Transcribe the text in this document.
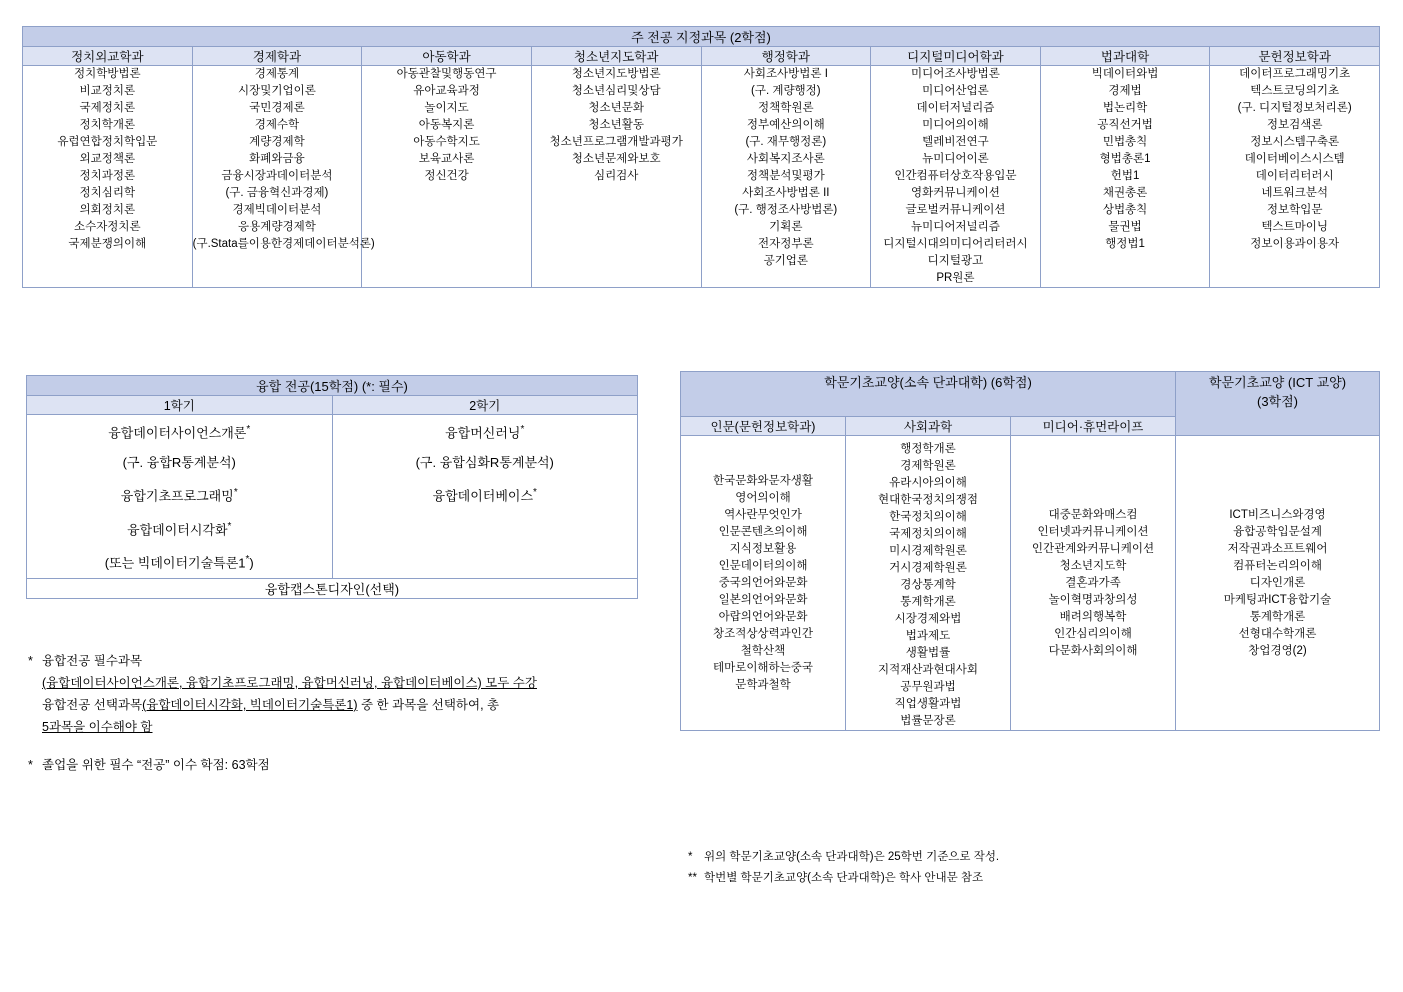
주 전공 지정과목 (2학점)							
정치외교학과	경제학과	아동학과	청소년지도학과	행정학과	디지털미디어학과	법과대학	문헌정보학과

정치학방법론
비교정치론
국제정치론
정치학개론
유럽연합정치학입문
외교정책론
정치과정론
정치심리학
의회정치론
소수자정치론
국제분쟁의이해

경제통계
시장및기업이론
국민경제론
경제수학
계량경제학
화폐와금융
금융시장과데이터분석
(구. 금융혁신과경제)
경제빅데이터분석
응용계량경제학
(구.Stata를이용한경제데이터분석론)

아동관찰및행동연구
유아교육과정
놀이지도
아동복지론
아동수학지도
보육교사론
정신건강

청소년지도방법론
청소년심리및상담
청소년문화
청소년활동
청소년프로그램개발과평가
청소년문제와보호
심리검사

사회조사방법론 I
(구. 계량행정)
정책학원론
정부예산의이해
(구. 재무행정론)
사회복지조사론
정책분석및평가
사회조사방법론 II
(구. 행정조사방법론)
기획론
전자정부론
공기업론

미디어조사방법론
미디어산업론
데이터저널리즘
미디어의이해
텔레비전연구
뉴미디어이론
인간컴퓨터상호작용입문
영화커뮤니케이션
글로벌커뮤니케이션
뉴미디어저널리즘
디지털시대의미디어리터러시
디지털광고
PR원론

빅데이터와법
경제법
법논리학
공직선거법
민법총칙
형법총론1
헌법1
채권총론
상법총칙
물권법
행정법1

데이터프로그래밍기초
텍스트코딩의기초
(구. 디지털정보처리론)
정보검색론
정보시스템구축론
데이터베이스시스템
데이터리터러시
네트워크분석
정보학입문
텍스트마이닝
정보이용과이용자
융합 전공(15학점) (*: 필수)	
1학기	2학기

융합데이터사이언스개론*
(구. 융합R통계분석)
융합기초프로그래밍*
융합데이터시각화*
(또는 빅데이터기술특론1*)

융합머신러닝*
(구. 융합심화R통계분석)
융합데이터베이스*

융합캡스톤디자인(선택)	
* 융합전공 필수과목
(융합데이터사이언스개론, 융합기초프로그래밍, 융합머신러닝, 융합데이터베이스) 모두 수강
융합전공 선택과목(융합데이터시각화, 빅데이터기술특론1) 중 한 과목을 선택하여, 총
5과목을 이수해야 함
* 졸업을 위한 필수 “전공” 이수 학점: 63학점
학문기초교양(소속 단과대학) (6학점)			학문기초교양 (ICT 교양)
(3학점)

인문(문헌정보학과)	사회과학	미디어·휴먼라이프	

한국문화와문자생활
영어의이해
역사란무엇인가
인문콘텐츠의이해
지식정보활용
인문데이터의이해
중국의언어와문화
일본의언어와문화
아랍의언어와문화
창조적상상력과인간
철학산책
테마로이해하는중국
문학과철학

행정학개론
경제학원론
유라시아의이해
현대한국정치의쟁점
한국정치의이해
국제정치의이해
미시경제학원론
거시경제학원론
경상통계학
통계학개론
시장경제와법
법과제도
생활법률
지적재산과현대사회
공무원과법
직업생활과법
법률문장론

대중문화와매스컴
인터넷과커뮤니케이션
인간관계와커뮤니케이션
청소년지도학
결혼과가족
놀이혁명과창의성
배려의행복학
인간심리의이해
다문화사회의이해

ICT비즈니스와경영
융합공학입문설계
저작권과소프트웨어
컴퓨터논리의이해
디자인개론
마케팅과ICT융합기술
통계학개론
선형대수학개론
창업경영(2)
*	위의 학문기초교양(소속 단과대학)은 25학번 기준으로 작성.
** 학번별 학문기초교양(소속 단과대학)은 학사 안내문 참조
